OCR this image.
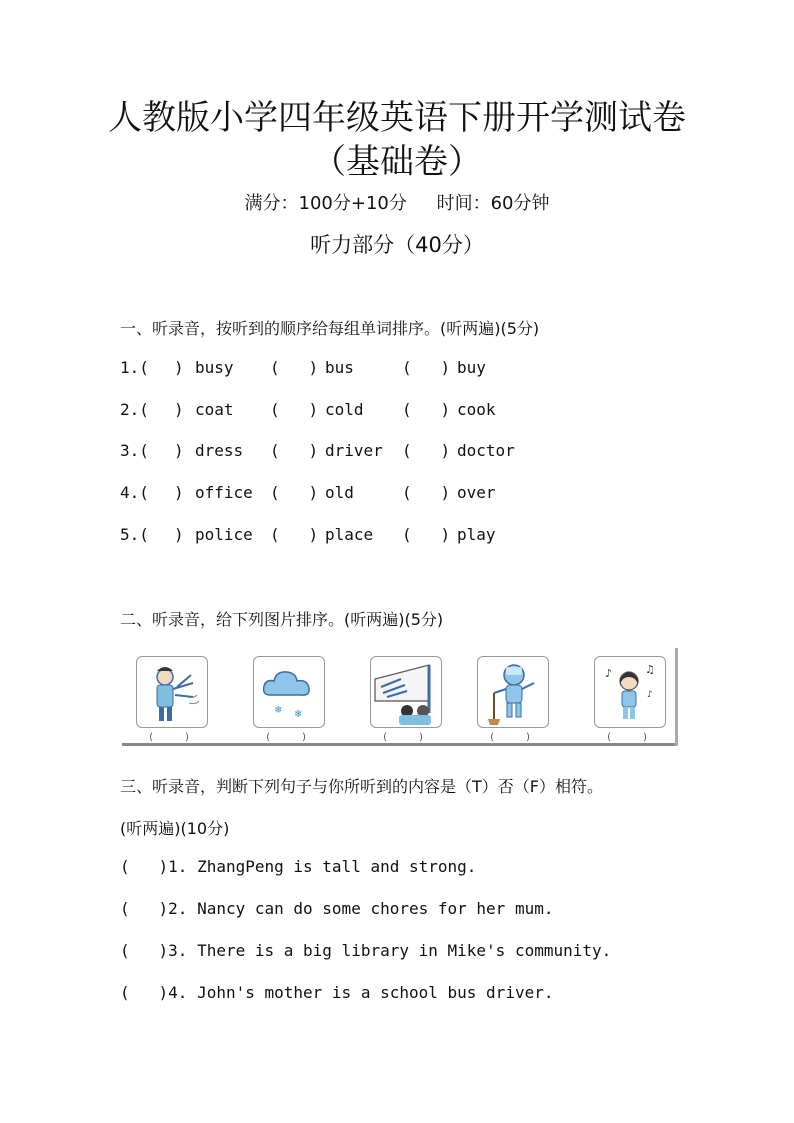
人教版小学四年级英语下册开学测试卷
（基础卷）
满分：100分+10分 时间：60分钟
听力部分（40分）
一、听录音，按听到的顺序给每组单词排序。(听两遍)(5分)
1.( ) busy (   ) bus	(   ) buy
2.( ) coat (   ) cold (   ) cook
3.( ) dress (   ) driver (   ) doctor
4.( ) office (   ) old	(   ) over
5.( ) police (   ) place (   ) play
二、听录音，给下列图片排序。(听两遍)(5分)
❄ ❄
♪	♫
♪
(     )	(     )	(     )	(     )	(     )
三、听录音，判断下列句子与你所听到的内容是（T）否（F）相符。
(听两遍)(10分)
(   )1. ZhangPeng is tall and strong.
(   )2. Nancy can do some chores for her mum.
(   )3. There is a big library in Mike's community.
(   )4. John's mother is a school bus driver.
